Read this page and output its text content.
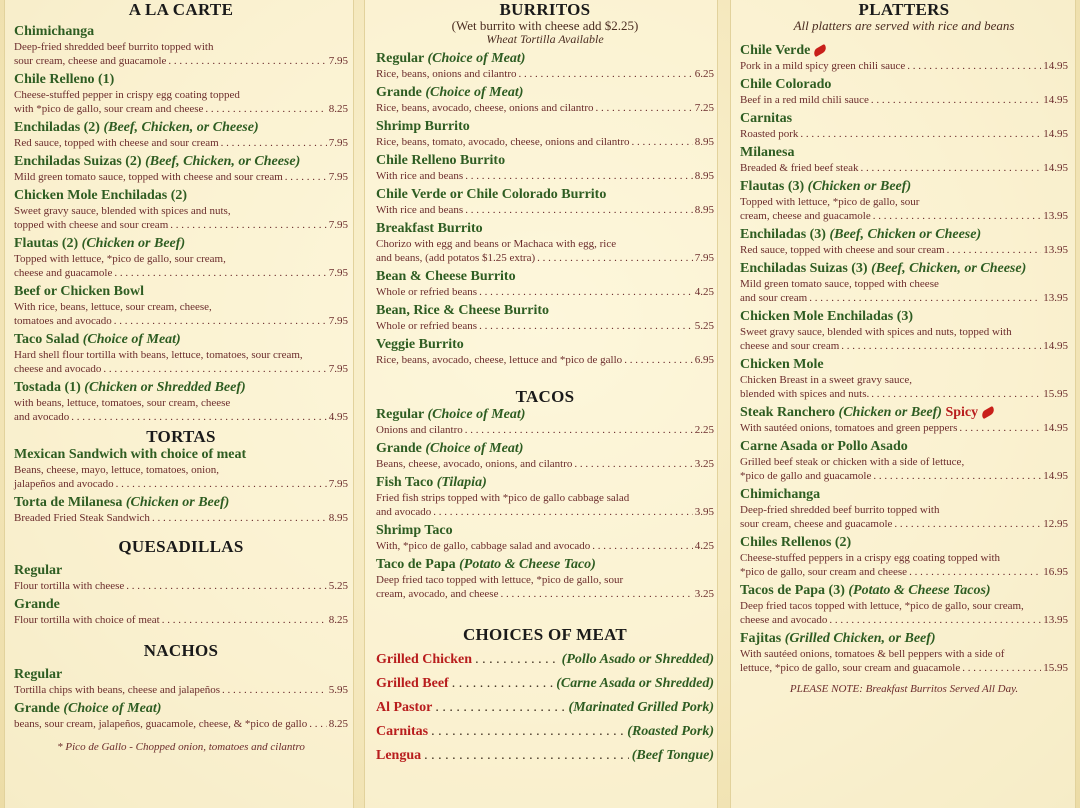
A LA CARTE
Chimichanga
Deep-fried shredded beef burrito topped with
sour cream, cheese and guacamole . . .	7.95
Chile Relleno (1)
Cheese-stuffed pepper in crispy egg coating topped
with *pico de gallo, sour cream and cheese . . .	8.25
Enchiladas (2) (Beef, Chicken, or Cheese)
Red sauce, topped with cheese and sour cream . . .	7.95
Enchiladas Suizas (2) (Beef, Chicken, or Cheese)
Mild green tomato sauce, topped with cheese and sour cream . . .	7.95
Chicken Mole Enchiladas (2)
Sweet gravy sauce, blended with spices and nuts,
topped with cheese and sour cream . . .	7.95
Flautas (2) (Chicken or Beef)
Topped with lettuce, *pico de gallo, sour cream,
cheese and guacamole . . .	7.95
Beef or Chicken Bowl
With rice, beans, lettuce, sour cream, cheese,
tomatoes and avocado . . .	7.95
Taco Salad (Choice of Meat)
Hard shell flour tortilla with beans, lettuce, tomatoes, sour cream,
cheese and avocado . . .	7.95
Tostada (1) (Chicken or Shredded Beef)
with beans, lettuce, tomatoes, sour cream, cheese
and avocado . . .	4.95
TORTAS
Mexican Sandwich with choice of meat
Beans, cheese, mayo, lettuce, tomatoes, onion,
jalapeños and avocado . . .	7.95
Torta de Milanesa (Chicken or Beef)
Breaded Fried Steak Sandwich . . .	8.95
QUESADILLAS
Regular
Flour tortilla with cheese . . .	5.25
Grande
Flour tortilla with choice of meat . . .	8.25
NACHOS
Regular
Tortilla chips with beans, cheese and jalapeños . . .	5.95
Grande (Choice of Meat)
beans, sour cream, jalapeños, guacamole, cheese, & *pico de gallo . . . 8.25
* Pico de Gallo - Chopped onion, tomatoes and cilantro
BURRITOS
(Wet burrito with cheese add $2.25)
Wheat Tortilla Available
Regular (Choice of Meat)
Rice, beans, onions and cilantro . . .	6.25
Grande (Choice of Meat)
Rice, beans, avocado, cheese, onions and cilantro . . .	7.25
Shrimp Burrito
Rice, beans, tomato, avocado, cheese, onions and cilantro . . .	8.95
Chile Relleno Burrito
With rice and beans . . .	8.95
Chile Verde or Chile Colorado Burrito
With rice and beans . . .	8.95
Breakfast Burrito
Chorizo with egg and beans or Machaca with egg, rice
and beans, (add potatos $1.25 extra) . . .	7.95
Bean & Cheese Burrito
Whole or refried beans . . .	4.25
Bean, Rice & Cheese Burrito
Whole or refried beans . . .	5.25
Veggie Burrito
Rice, beans, avocado, cheese, lettuce and *pico de gallo . . .	6.95
TACOS
Regular (Choice of Meat)
Onions and cilantro . . .	2.25
Grande (Choice of Meat)
Beans, cheese, avocado, onions, and cilantro . . .	3.25
Fish Taco (Tilapia)
Fried fish strips topped with *pico de gallo cabbage salad
and avocado . . .	3.95
Shrimp Taco
With, *pico de gallo, cabbage salad and avocado . . .	4.25
Taco de Papa (Potato & Cheese Taco)
Deep fried taco topped with lettuce, *pico de gallo, sour
cream, avocado, and cheese . . .	3.25
CHOICES OF MEAT
Grilled Chicken . . .	(Pollo Asado or Shredded)
Grilled Beef . . .	(Carne Asada or Shredded)
Al Pastor . . .	(Marinated Grilled Pork)
Carnitas . . .	(Roasted Pork)
Lengua . . .	(Beef Tongue)
PLATTERS
All platters are served with rice and beans
Chile Verde
Pork in a mild spicy green chili sauce . . .	14.95
Chile Colorado
Beef in a red mild chili sauce . . .	14.95
Carnitas
Roasted pork . . .	14.95
Milanesa
Breaded & fried beef steak . . .	14.95
Flautas (3) (Chicken or Beef)
Topped with lettuce, *pico de gallo, sour
cream, cheese and guacamole . . .	13.95
Enchiladas (3) (Beef, Chicken or Cheese)
Red sauce, topped with cheese and sour cream . . .	13.95
Enchiladas Suizas (3) (Beef, Chicken, or Cheese)
Mild green tomato sauce, topped with cheese
and sour cream . . .	13.95
Chicken Mole Enchiladas (3)
Sweet gravy sauce, blended with spices and nuts, topped with
cheese and sour cream . . .	14.95
Chicken Mole
Chicken Breast in a sweet gravy sauce,
blended with spices and nuts. . . .	15.95
Steak Ranchero (Chicken or Beef) Spicy
With sautéed onions, tomatoes and green peppers . . .	14.95
Carne Asada or Pollo Asado
Grilled beef steak or chicken with a side of lettuce,
*pico de gallo and guacamole . . .	14.95
Chimichanga
Deep-fried shredded beef burrito topped with
sour cream, cheese and guacamole . . .	12.95
Chiles Rellenos (2)
Cheese-stuffed peppers in a crispy egg coating topped with
*pico de gallo, sour cream and cheese . . .	16.95
Tacos de Papa (3) (Potato & Cheese Tacos)
Deep fried tacos topped with lettuce, *pico de gallo, sour cream,
cheese and avocado . . .	13.95
Fajitas (Grilled Chicken, or Beef)
With sautéed onions, tomatoes & bell peppers with a side of
lettuce, *pico de gallo, sour cream and guacamole . . .	15.95
PLEASE NOTE: Breakfast Burritos Served All Day.
